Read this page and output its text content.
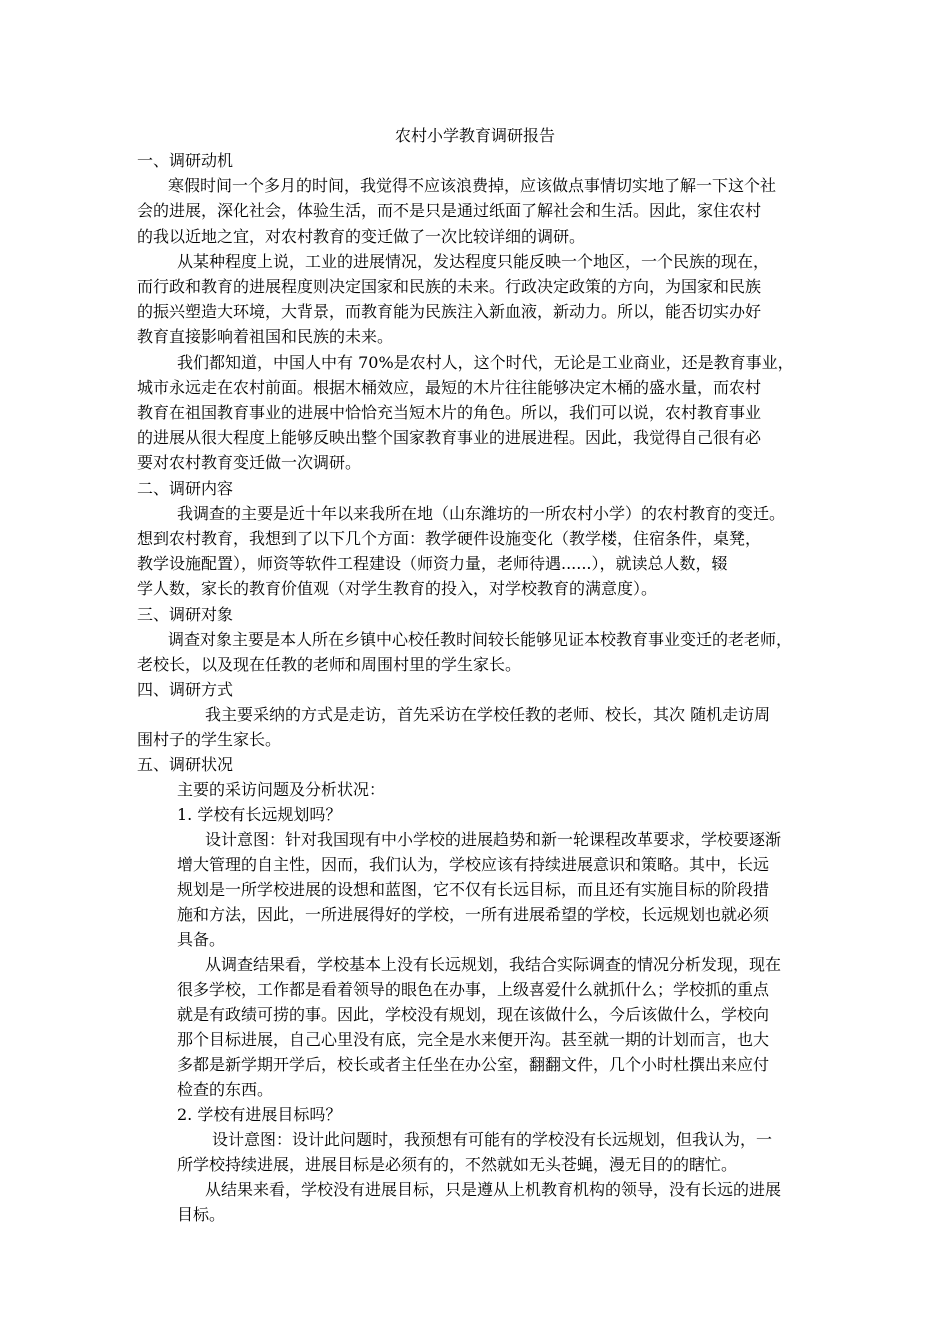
农村小学教育调研报告
一、调研动机
寒假时间一个多月的时间，我觉得不应该浪费掉，应该做点事情切实地了解一下这个社
会的进展，深化社会，体验生活，而不是只是通过纸面了解社会和生活。因此，家住农村
的我以近地之宜，对农村教育的变迁做了一次比较详细的调研。
从某种程度上说，工业的进展情况，发达程度只能反映一个地区，一个民族的现在，
而行政和教育的进展程度则决定国家和民族的未来。行政决定政策的方向，为国家和民族
的振兴塑造大环境，大背景，而教育能为民族注入新血液，新动力。所以，能否切实办好
教育直接影响着祖国和民族的未来。
我们都知道，中国人中有 70%是农村人，这个时代，无论是工业商业，还是教育事业，
城市永远走在农村前面。根据木桶效应，最短的木片往往能够决定木桶的盛水量，而农村
教育在祖国教育事业的进展中恰恰充当短木片的角色。所以，我们可以说，农村教育事业
的进展从很大程度上能够反映出整个国家教育事业的进展进程。因此，我觉得自己很有必
要对农村教育变迁做一次调研。
二、调研内容
我调查的主要是近十年以来我所在地（山东潍坊的一所农村小学）的农村教育的变迁。
想到农村教育，我想到了以下几个方面：教学硬件设施变化（教学楼，住宿条件，桌凳，
教学设施配置），师资等软件工程建设（师资力量，老师待遇......），就读总人数，辍
学人数，家长的教育价值观（对学生教育的投入，对学校教育的满意度）。
三、调研对象
调查对象主要是本人所在乡镇中心校任教时间较长能够见证本校教育事业变迁的老老师，
老校长，以及现在任教的老师和周围村里的学生家长。
四、调研方式
我主要采纳的方式是走访，首先采访在学校任教的老师、校长，其次 随机走访周
围村子的学生家长。
五、调研状况
主要的采访问题及分析状况：
1. 学校有长远规划吗？
设计意图：针对我国现有中小学校的进展趋势和新一轮课程改革要求，学校要逐渐
增大管理的自主性，因而，我们认为，学校应该有持续进展意识和策略。其中，长远
规划是一所学校进展的设想和蓝图，它不仅有长远目标，而且还有实施目标的阶段措
施和方法，因此，一所进展得好的学校，一所有进展希望的学校，长远规划也就必须
具备。
从调查结果看，学校基本上没有长远规划，我结合实际调查的情况分析发现，现在
很多学校，工作都是看着领导的眼色在办事，上级喜爱什么就抓什么；学校抓的重点
就是有政绩可捞的事。因此，学校没有规划，现在该做什么，今后该做什么，学校向
那个目标进展，自己心里没有底，完全是水来便开沟。甚至就一期的计划而言，也大
多都是新学期开学后，校长或者主任坐在办公室，翻翻文件，几个小时杜撰出来应付
检查的东西。
2. 学校有进展目标吗？
设计意图：设计此问题时，我预想有可能有的学校没有长远规划，但我认为，一
所学校持续进展，进展目标是必须有的，不然就如无头苍蝇，漫无目的的瞎忙。
从结果来看，学校没有进展目标，只是遵从上机教育机构的领导，没有长远的进展
目标。
